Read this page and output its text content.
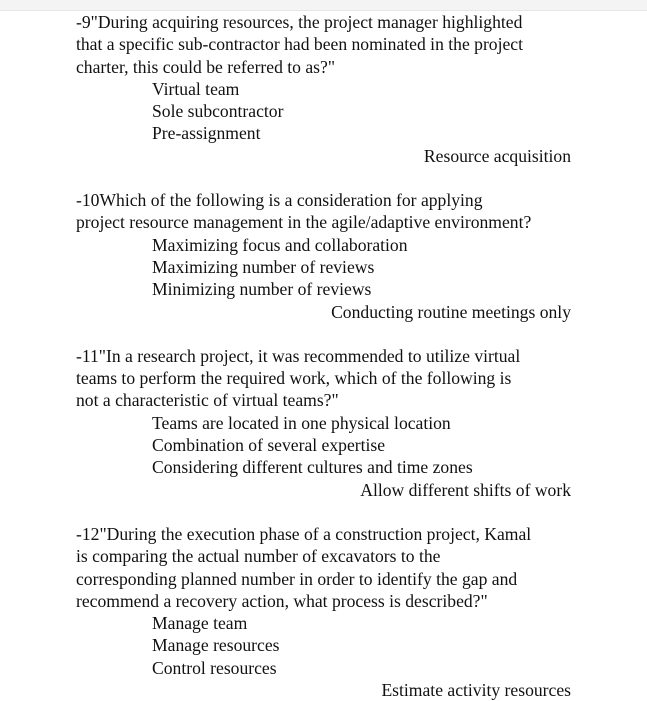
-9"During acquiring resources, the project manager highlighted

that a specific sub-contractor had been nominated in the project

charter, this could be referred to as?"

Virtual team

Sole subcontractor

Pre-assignment

Resource acquisition

-10Which of the following is a consideration for applying

project resource management in the agile/adaptive environment?

Maximizing focus and collaboration

Maximizing number of reviews

Minimizing number of reviews

Conducting routine meetings only

-11"In a research project, it was recommended to utilize virtual

teams to perform the required work, which of the following is

not a characteristic of virtual teams?"

Teams are located in one physical location

Combination of several expertise

Considering different cultures and time zones

Allow different shifts of work

-12"During the execution phase of a construction project, Kamal

is comparing the actual number of excavators to the

corresponding planned number in order to identify the gap and

recommend a recovery action, what process is described?"

Manage team

Manage resources

Control resources

Estimate activity resources
